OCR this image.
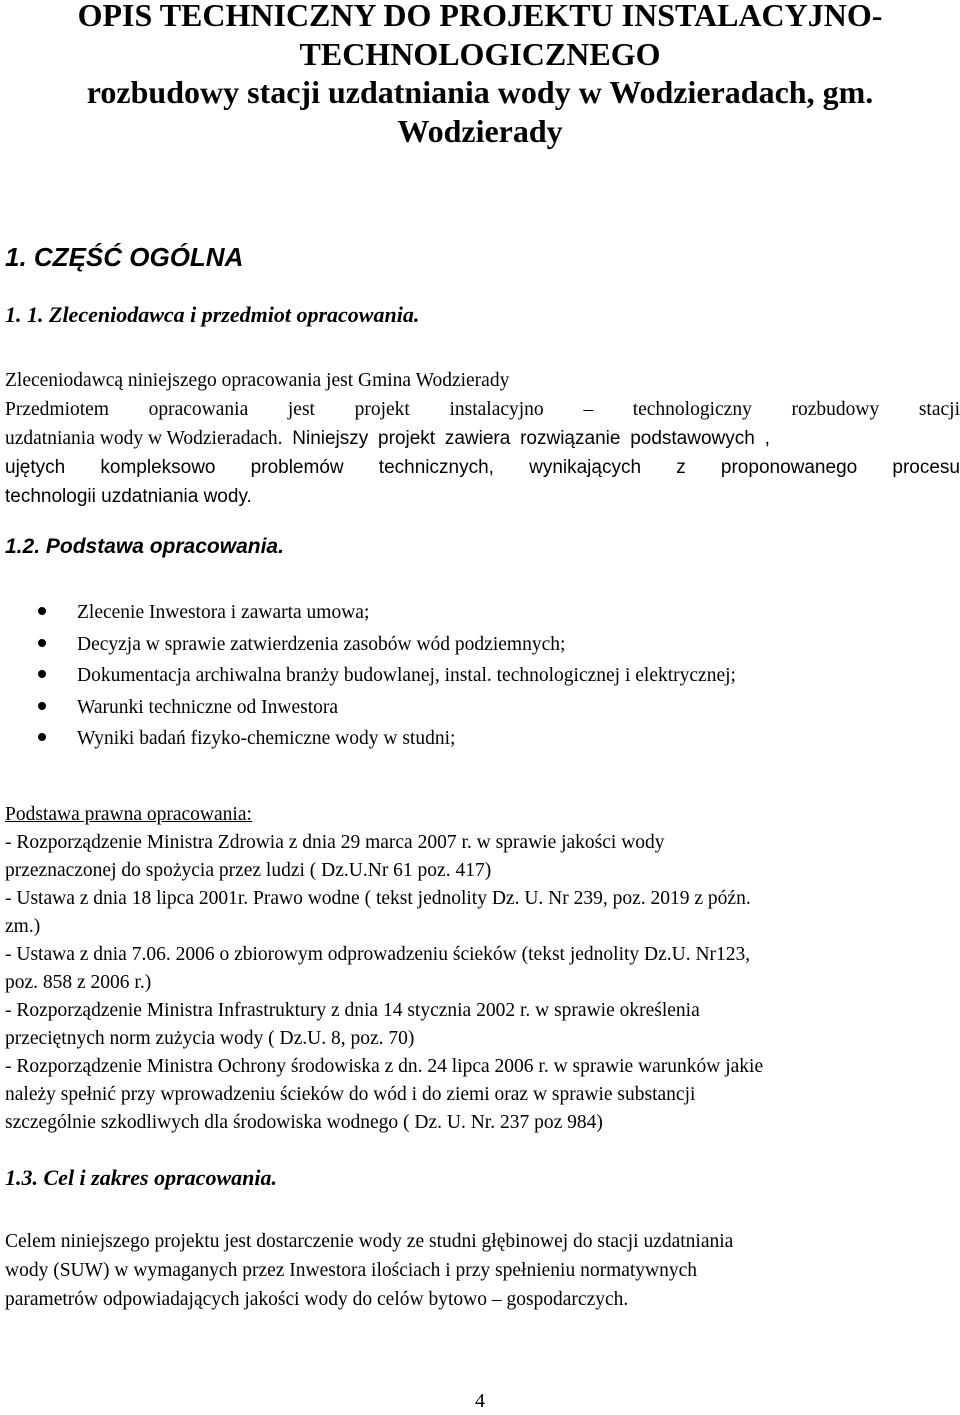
OPIS TECHNICZNY DO PROJEKTU INSTALACYJNO-
TECHNOLOGICZNEGO
rozbudowy stacji uzdatniania wody w Wodzieradach, gm.
Wodzierady
1. CZĘŚĆ OGÓLNA
1. 1. Zleceniodawca i przedmiot opracowania.

Zleceniodawcą niniejszego opracowania jest Gmina Wodzierady
Przedmiotem opracowania jest projekt instalacyjno – technologiczny rozbudowy stacji
uzdatniania wody w Wodzieradach. Niniejszy projekt zawiera rozwiązanie podstawowych ,
ujętych kompleksowo problemów technicznych, wynikających z proponowanego procesu
technologii uzdatniania wody.

1.2. Podstawa opracowania.
Zlecenie Inwestora i zawarta umowa;
Decyzja w sprawie zatwierdzenia zasobów wód podziemnych;
Dokumentacja archiwalna branży budowlanej, instal. technologicznej i elektrycznej;
Warunki techniczne od Inwestora
Wyniki badań fizyko-chemiczne wody w studni;
Podstawa prawna opracowania:
- Rozporządzenie Ministra Zdrowia z dnia 29 marca 2007 r. w sprawie jakości wody
przeznaczonej do spożycia przez ludzi ( Dz.U.Nr 61 poz. 417)
- Ustawa z dnia 18 lipca 2001r. Prawo wodne ( tekst jednolity Dz. U. Nr 239, poz. 2019 z późn.
zm.)
- Ustawa z dnia 7.06. 2006 o zbiorowym odprowadzeniu ścieków (tekst jednolity Dz.U. Nr123,
poz. 858 z 2006 r.)
- Rozporządzenie Ministra Infrastruktury z dnia 14 stycznia 2002 r. w sprawie określenia
przeciętnych norm zużycia wody ( Dz.U. 8, poz. 70)
- Rozporządzenie Ministra Ochrony środowiska z dn. 24 lipca 2006 r. w sprawie warunków jakie
należy spełnić przy wprowadzeniu ścieków do wód i do ziemi oraz w sprawie substancji
szczególnie szkodliwych dla środowiska wodnego ( Dz. U. Nr. 237 poz 984)
1.3. Cel i zakres opracowania.

Celem niniejszego projektu jest dostarczenie wody ze studni głębinowej do stacji uzdatniania
wody (SUW) w wymaganych przez Inwestora ilościach i przy spełnieniu normatywnych
parametrów odpowiadających jakości wody do celów bytowo – gospodarczych.

4
